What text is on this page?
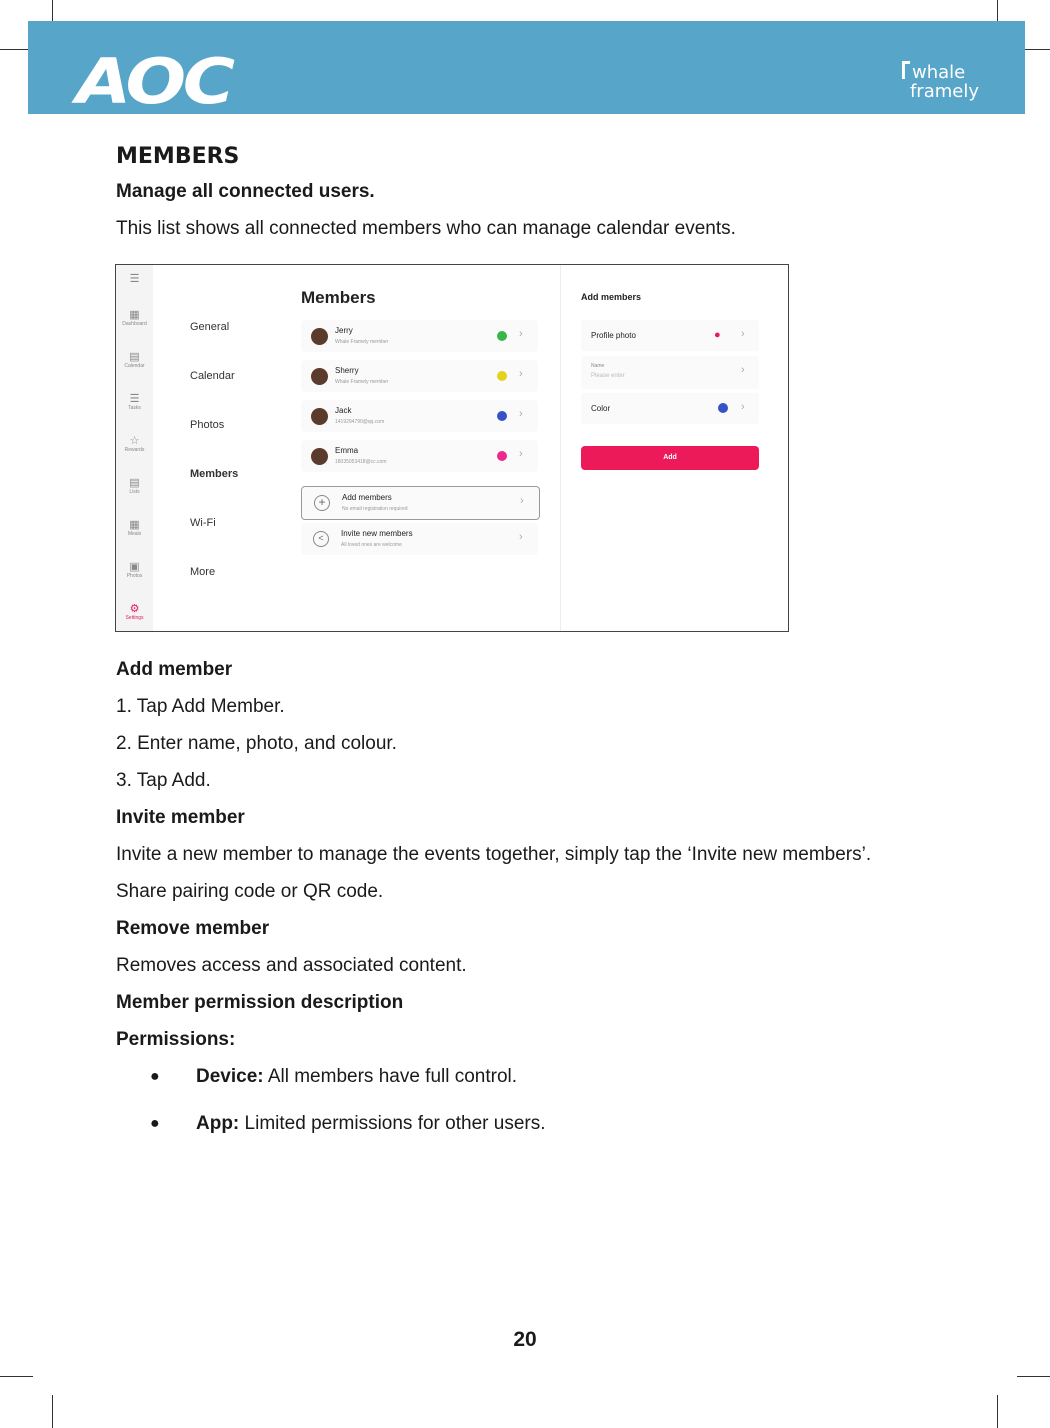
AOC	whale
framely
MEMBERS
Manage all connected users.
This list shows all connected members who can manage calendar events.
☰
▦
Dashboard
▤
Calendar
☰
Tasks
☆
Rewards
▤
Lists
▦
Meals
▣
Photos
⚙
Settings
General
Calendar
Photos
Members
Wi-Fi
More
Members
Jerry
Whale Framely member
›
Sherry
Whale Framely member
›
Jack
1419294790@qq.com
›
Emma
18035053418@cc.com
›
+	Add members
No email registration required
›
<	Invite new members
All loved ones are welcome
›
Add members
Profile photo	● ›
Name
Please enter	›
Color	›
Add
Add member
1. Tap Add Member.
2. Enter name, photo, and colour.
3. Tap Add.
Invite member
Invite a new member to manage the events together, simply tap the ‘Invite new members’.
Share pairing code or QR code.
Remove member
Removes access and associated content.
Member permission description
Permissions:
● Device: All members have full control.
● App: Limited permissions for other users.
20
